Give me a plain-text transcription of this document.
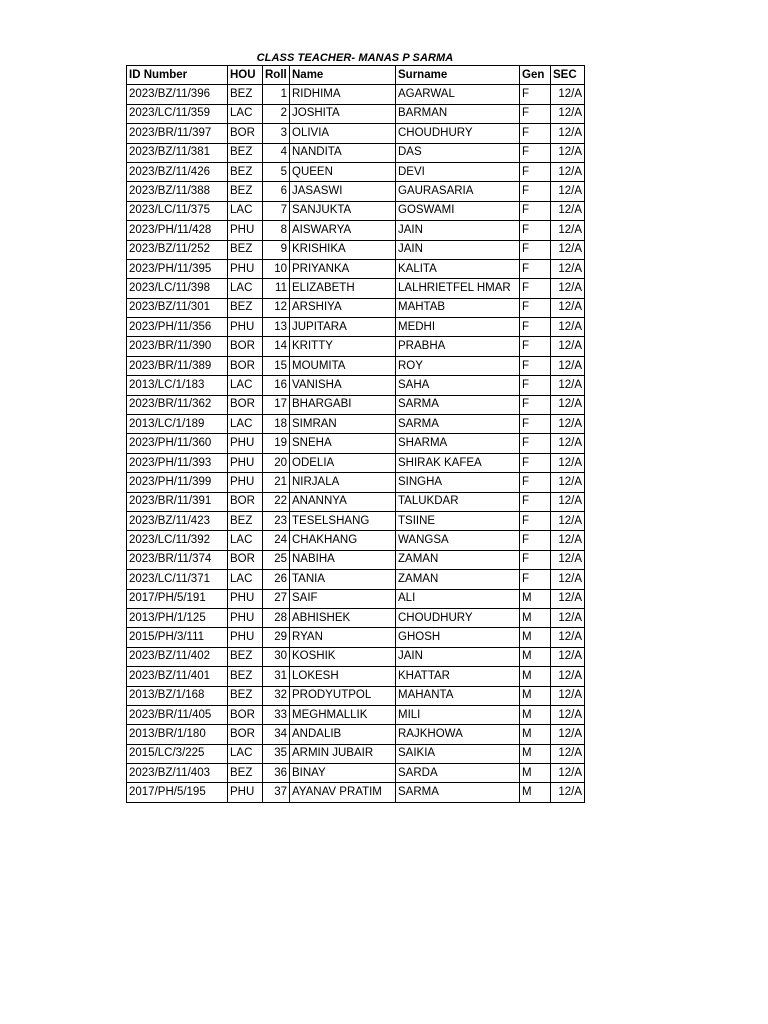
CLASS TEACHER- MANAS P SARMA
ID Number	HOU	Roll	Name	Surname	Gen	SEC
2023/BZ/11/396	BEZ	1	RIDHIMA	AGARWAL	F	12/A
2023/LC/11/359	LAC	2	JOSHITA	BARMAN	F	12/A
2023/BR/11/397	BOR	3	OLIVIA	CHOUDHURY	F	12/A
2023/BZ/11/381	BEZ	4	NANDITA	DAS	F	12/A
2023/BZ/11/426	BEZ	5	QUEEN	DEVI	F	12/A
2023/BZ/11/388	BEZ	6	JASASWI	GAURASARIA	F	12/A
2023/LC/11/375	LAC	7	SANJUKTA	GOSWAMI	F	12/A
2023/PH/11/428	PHU	8	AISWARYA	JAIN	F	12/A
2023/BZ/11/252	BEZ	9	KRISHIKA	JAIN	F	12/A
2023/PH/11/395	PHU	10	PRIYANKA	KALITA	F	12/A
2023/LC/11/398	LAC	11	ELIZABETH	LALHRIETFEL HMAR	F	12/A
2023/BZ/11/301	BEZ	12	ARSHIYA	MAHTAB	F	12/A
2023/PH/11/356	PHU	13	JUPITARA	MEDHI	F	12/A
2023/BR/11/390	BOR	14	KRITTY	PRABHA	F	12/A
2023/BR/11/389	BOR	15	MOUMITA	ROY	F	12/A
2013/LC/1/183	LAC	16	VANISHA	SAHA	F	12/A
2023/BR/11/362	BOR	17	BHARGABI	SARMA	F	12/A
2013/LC/1/189	LAC	18	SIMRAN	SARMA	F	12/A
2023/PH/11/360	PHU	19	SNEHA	SHARMA	F	12/A
2023/PH/11/393	PHU	20	ODELIA	SHIRAK KAFEA	F	12/A
2023/PH/11/399	PHU	21	NIRJALA	SINGHA	F	12/A
2023/BR/11/391	BOR	22	ANANNYA	TALUKDAR	F	12/A
2023/BZ/11/423	BEZ	23	TESELSHANG	TSIINE	F	12/A
2023/LC/11/392	LAC	24	CHAKHANG	WANGSA	F	12/A
2023/BR/11/374	BOR	25	NABIHA	ZAMAN	F	12/A
2023/LC/11/371	LAC	26	TANIA	ZAMAN	F	12/A
2017/PH/5/191	PHU	27	SAIF	ALI	M	12/A
2013/PH/1/125	PHU	28	ABHISHEK	CHOUDHURY	M	12/A
2015/PH/3/111	PHU	29	RYAN	GHOSH	M	12/A
2023/BZ/11/402	BEZ	30	KOSHIK	JAIN	M	12/A
2023/BZ/11/401	BEZ	31	LOKESH	KHATTAR	M	12/A
2013/BZ/1/168	BEZ	32	PRODYUTPOL	MAHANTA	M	12/A
2023/BR/11/405	BOR	33	MEGHMALLIK	MILI	M	12/A
2013/BR/1/180	BOR	34	ANDALIB	RAJKHOWA	M	12/A
2015/LC/3/225	LAC	35	ARMIN JUBAIR	SAIKIA	M	12/A
2023/BZ/11/403	BEZ	36	BINAY	SARDA	M	12/A
2017/PH/5/195	PHU	37	AYANAV PRATIM	SARMA	M	12/A
